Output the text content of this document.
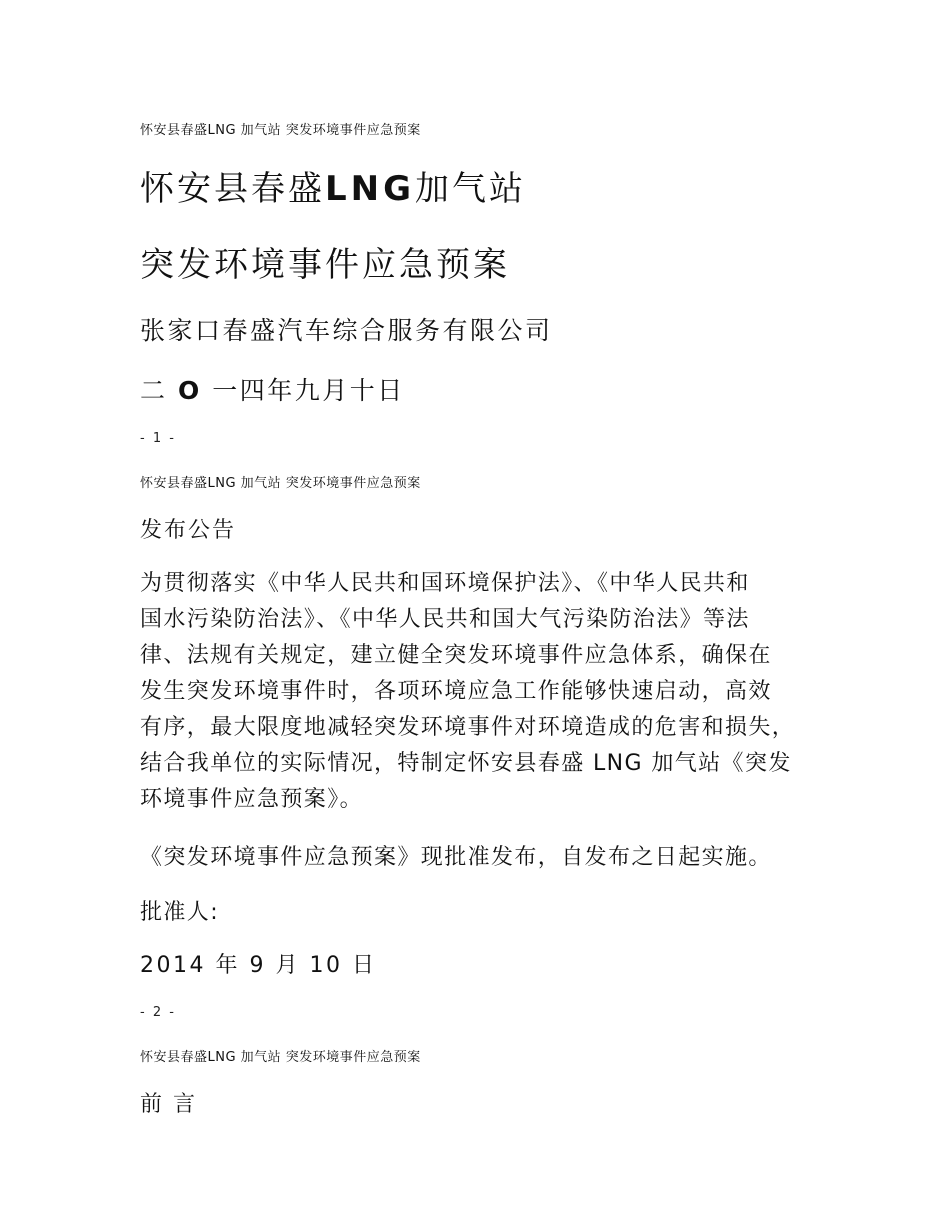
怀安县春盛LNG 加气站 突发环境事件应急预案
怀安县春盛LNG加气站
突发环境事件应急预案
张家口春盛汽车综合服务有限公司
二 O 一四年九月十日
- 1 -
怀安县春盛LNG 加气站 突发环境事件应急预案
发布公告
为贯彻落实《中华人民共和国环境保护法》、《中华人民共和
国水污染防治法》、《中华人民共和国大气污染防治法》等法
律、法规有关规定，建立健全突发环境事件应急体系，确保在
发生突发环境事件时，各项环境应急工作能够快速启动，高效
有序，最大限度地减轻突发环境事件对环境造成的危害和损失，
结合我单位的实际情况，特制定怀安县春盛 LNG 加气站《突发
环境事件应急预案》。
《突发环境事件应急预案》现批准发布，自发布之日起实施。
批准人:
2014 年 9 月 10 日
- 2 -
怀安县春盛LNG 加气站 突发环境事件应急预案
前 言
